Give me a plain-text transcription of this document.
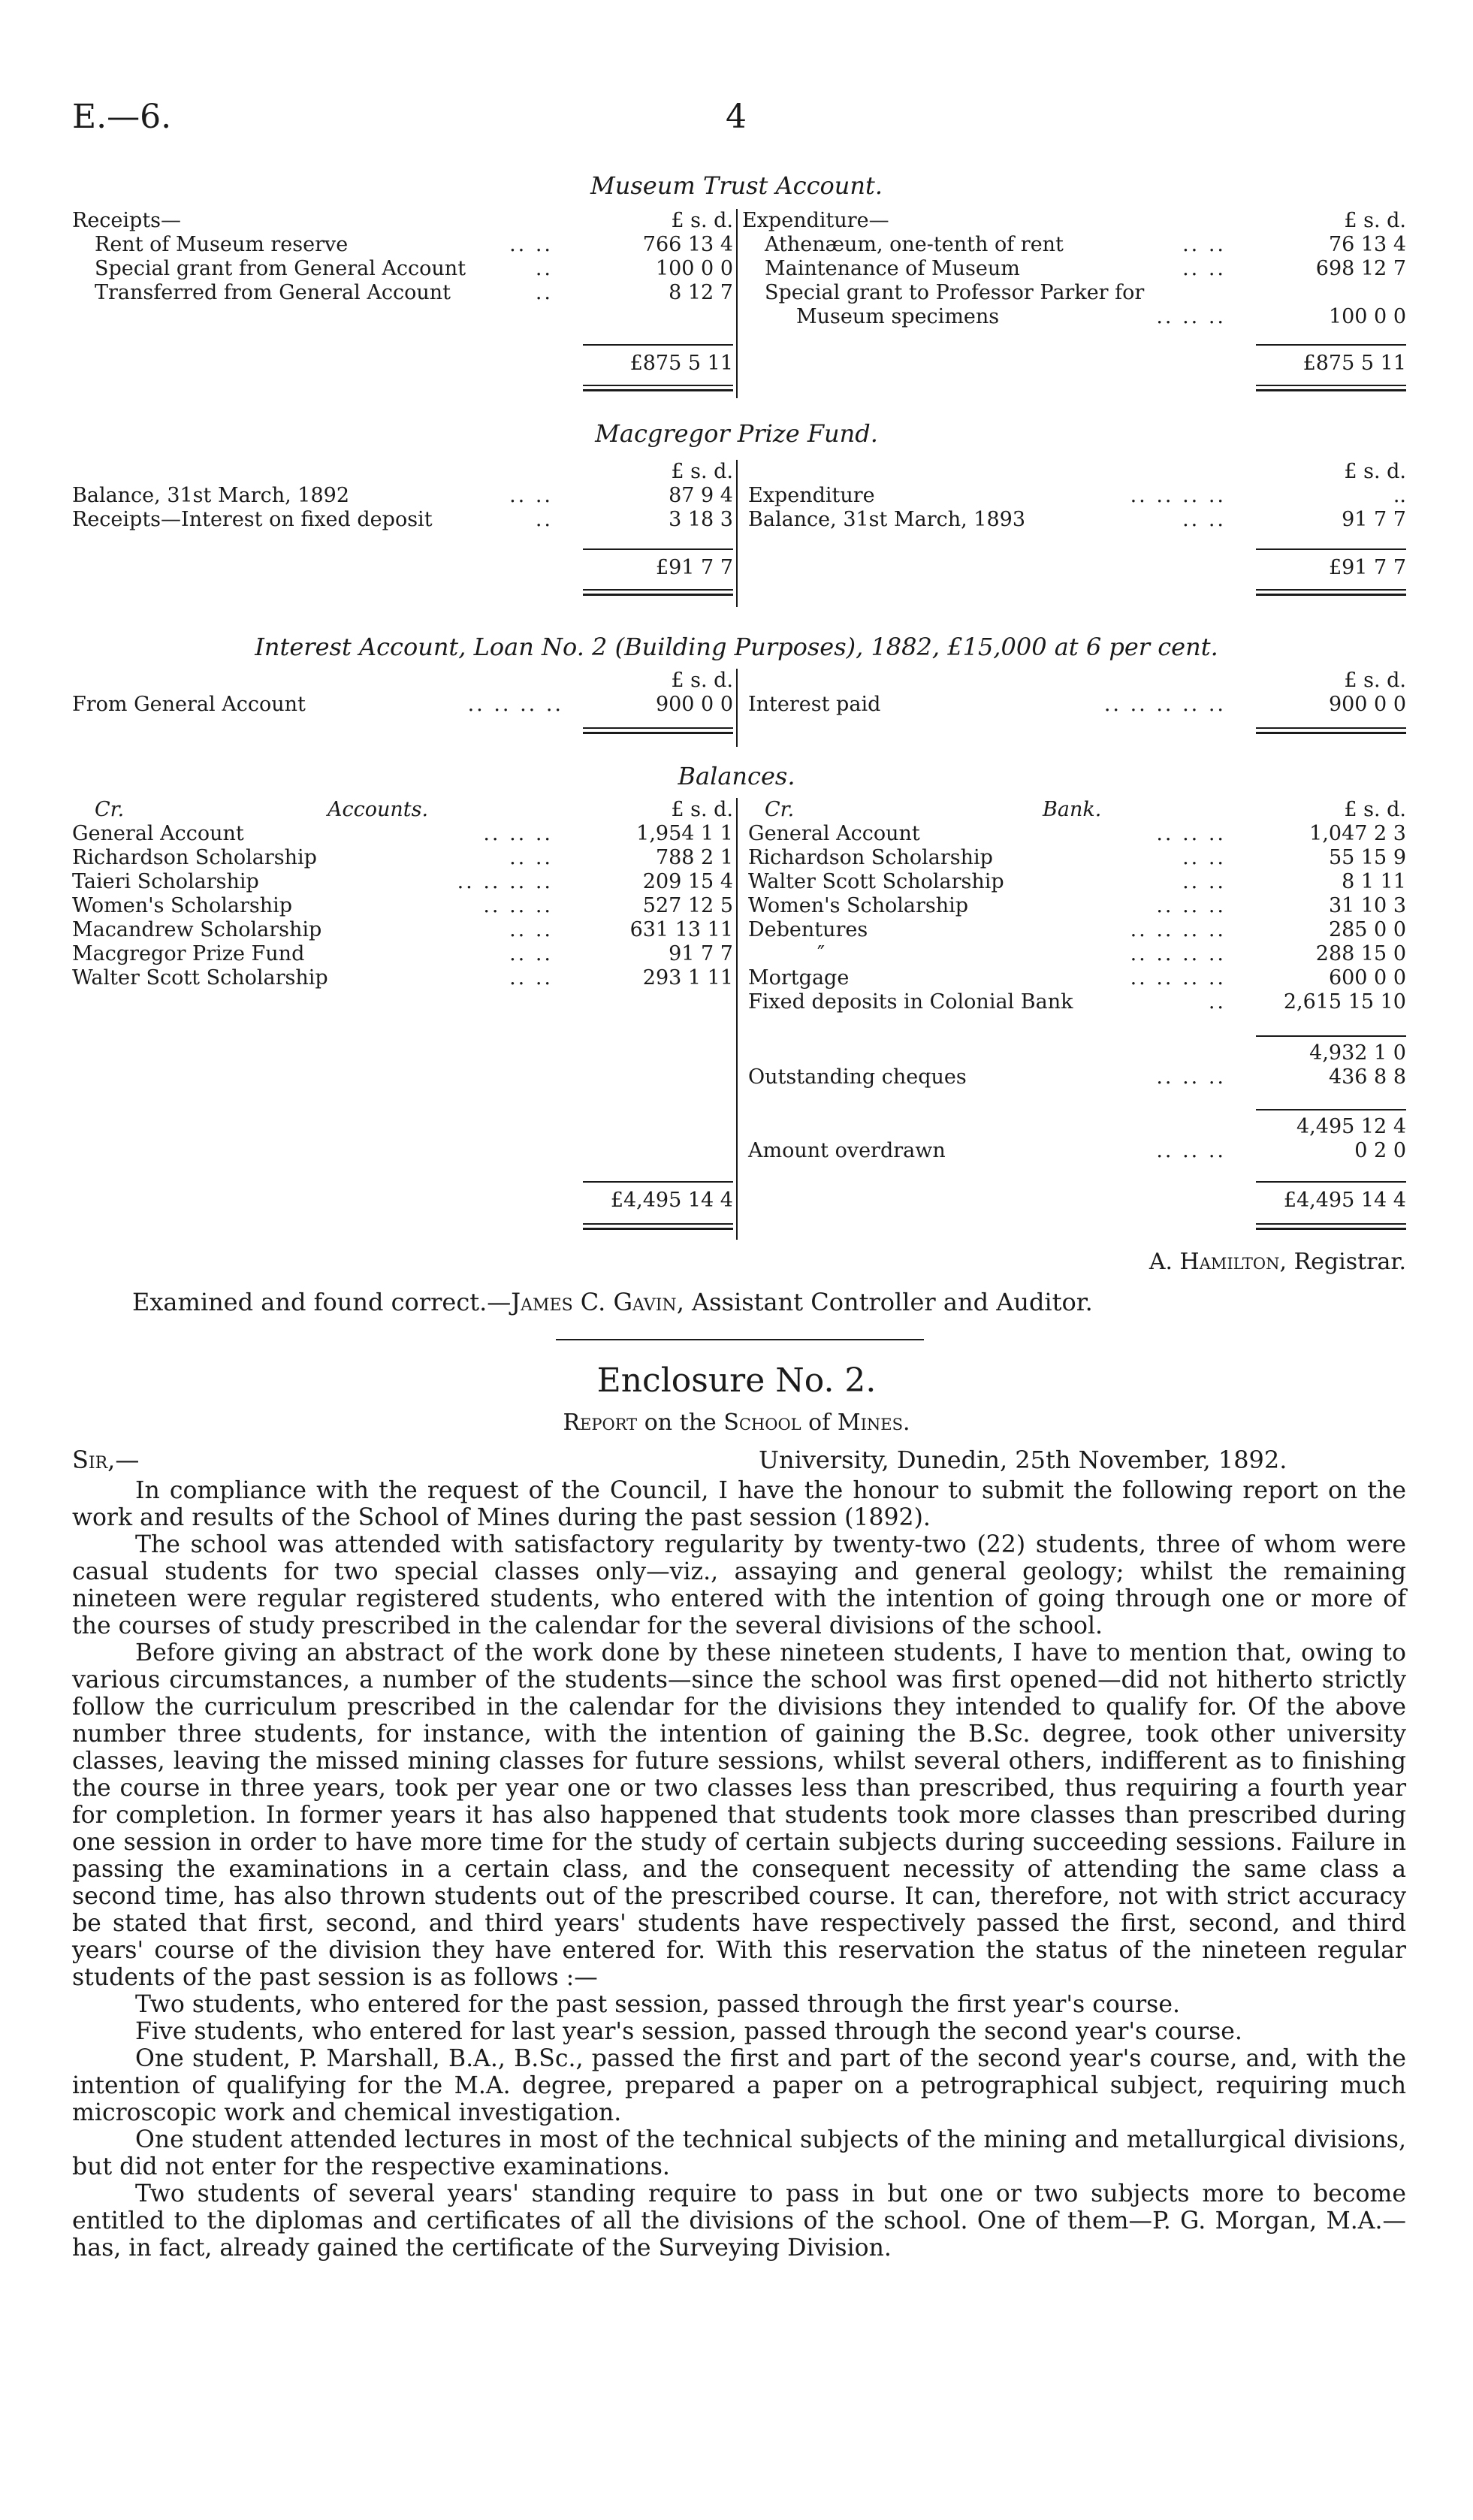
E.—6.	4
Museum Trust Account.
Receipts—	£ s. d.
Rent of Museum reserve	.. ..	766 13 4
Special grant from General Account	..	100 0 0
Transferred from General Account	..	8 12 7
Expenditure—	£ s. d.
Athenæum, one-tenth of rent	.. ..	76 13 4
Maintenance of Museum	.. ..	698 12 7
Special grant to Professor Parker for
Museum specimens	.. .. ..	100 0 0
£875 5 11	£875 5 11
Macgregor Prize Fund.
£ s. d.
Balance, 31st March, 1892	.. ..	87 9 4
Receipts—Interest on fixed deposit	..	3 18 3
£ s. d.
Expenditure	.. .. .. ..	..
Balance, 31st March, 1893	.. ..	91 7 7
£91 7 7	£91 7 7
Interest Account, Loan No. 2 (Building Purposes), 1882, £15,000 at 6 per cent.
£ s. d.
From General Account	.. .. .. ..	900 0 0
£ s. d.
Interest paid	.. .. .. .. ..	900 0 0
Balances.
Cr.	Accounts.	£ s. d.
General Account	.. .. ..	1,954 1 1
Richardson Scholarship	.. ..	788 2 1
Taieri Scholarship	.. .. .. ..	209 15 4
Women's Scholarship	.. .. ..	527 12 5
Macandrew Scholarship	.. ..	631 13 11
Macgregor Prize Fund	.. ..	91 7 7
Walter Scott Scholarship	.. ..	293 1 11
Cr.	Bank.	£ s. d.
General Account	.. .. ..	1,047 2 3
Richardson Scholarship	.. ..	55 15 9
Walter Scott Scholarship	.. ..	8 1 11
Women's Scholarship	.. .. ..	31 10 3
Debentures	.. .. .. ..	285 0 0
″	.. .. .. ..	288 15 0
Mortgage	.. .. .. ..	600 0 0
Fixed deposits in Colonial Bank	..	2,615 15 10
4,932 1 0
Outstanding cheques	.. .. ..	436 8 8
4,495 12 4
Amount overdrawn	.. .. ..	0 2 0
£4,495 14 4	£4,495 14 4
A. Hamilton, Registrar.
Examined and found correct.—James C. Gavin, Assistant Controller and Auditor.
Enclosure No. 2.
Report on the School of Mines.
Sir,—	University, Dunedin, 25th November, 1892.

In compliance with the request of the Council, I have the honour to submit the following report on the work and results of the School of Mines during the past session (1892).

The school was attended with satisfactory regularity by twenty-two (22) students, three of whom were casual students for two special classes only—viz., assaying and general geology; whilst the remaining nineteen were regular registered students, who entered with the intention of going through one or more of the courses of study prescribed in the calendar for the several divisions of the school.

Before giving an abstract of the work done by these nineteen students, I have to mention that, owing to various circumstances, a number of the students—since the school was first opened—did not hitherto strictly follow the curriculum prescribed in the calendar for the divisions they intended to qualify for. Of the above number three students, for instance, with the intention of gaining the B.Sc. degree, took other university classes, leaving the missed mining classes for future sessions, whilst several others, indifferent as to finishing the course in three years, took per year one or two classes less than prescribed, thus requiring a fourth year for completion. In former years it has also happened that students took more classes than prescribed during one session in order to have more time for the study of certain subjects during succeeding sessions. Failure in passing the examinations in a certain class, and the consequent necessity of attending the same class a second time, has also thrown students out of the prescribed course. It can, therefore, not with strict accuracy be stated that first, second, and third years' students have respectively passed the first, second, and third years' course of the division they have entered for. With this reservation the status of the nineteen regular students of the past session is as follows :—

Two students, who entered for the past session, passed through the first year's course.

Five students, who entered for last year's session, passed through the second year's course.

One student, P. Marshall, B.A., B.Sc., passed the first and part of the second year's course, and, with the intention of qualifying for the M.A. degree, prepared a paper on a petrographical subject, requiring much microscopic work and chemical investigation.

One student attended lectures in most of the technical subjects of the mining and metallurgical divisions, but did not enter for the respective examinations.

Two students of several years' standing require to pass in but one or two subjects more to become entitled to the diplomas and certificates of all the divisions of the school. One of them—P. G. Morgan, M.A.—has, in fact, already gained the certificate of the Surveying Division.
